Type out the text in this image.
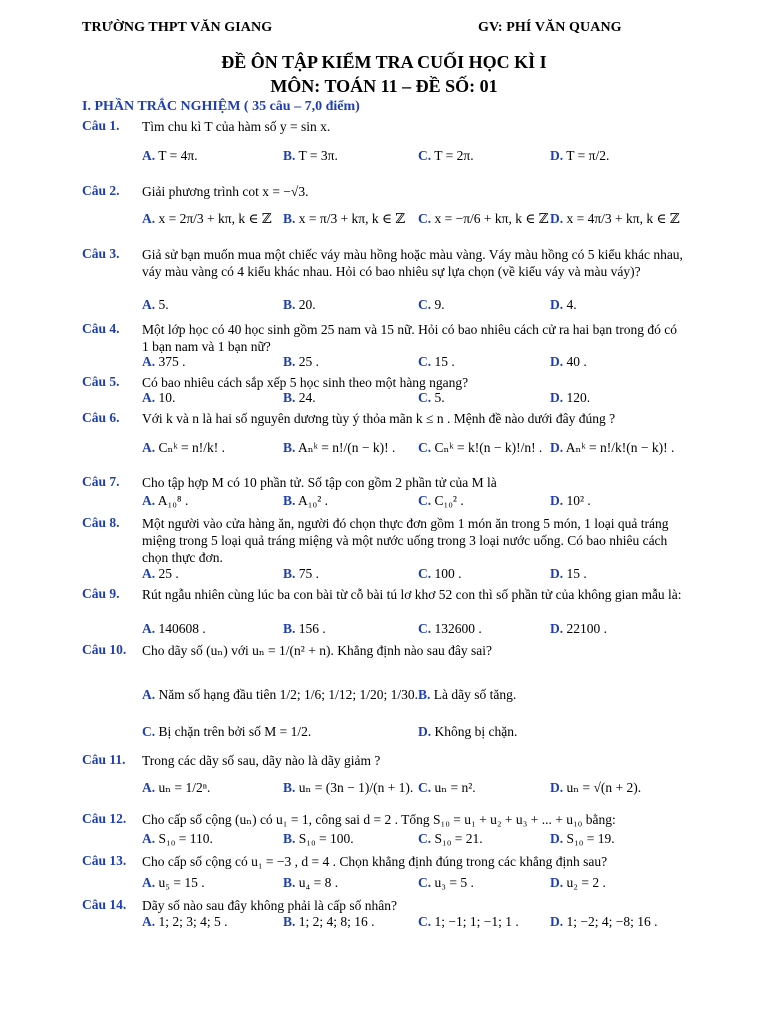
TRƯỜNG THPT VĂN GIANG	GV: PHÍ VĂN QUANG
ĐỀ ÔN TẬP KIỂM TRA CUỐI HỌC KÌ I
MÔN: TOÁN 11 – ĐỀ SỐ: 01
I. PHẦN TRẮC NGHIỆM ( 35 câu – 7,0 điểm)
Câu 1. Tìm chu kì T của hàm số y = sin x.
A. T = 4π.	B. T = 3π.	C. T = 2π.	D. T = π/2.
Câu 2. Giải phương trình cot x = −√3.
A. x = 2π/3 + kπ, k ∈ ℤ B. x = π/3 + kπ, k ∈ ℤ C. x = −π/6 + kπ, k ∈ ℤ D. x = 4π/3 + kπ, k ∈ ℤ
Câu 3. Giả sử bạn muốn mua một chiếc váy màu hồng hoặc màu vàng. Váy màu hồng có 5 kiểu khác nhau, váy màu vàng có 4 kiểu khác nhau. Hỏi có bao nhiêu sự lựa chọn (về kiểu váy và màu váy)?
A. 5.	B. 20.	C. 9.	D. 4.
Câu 4. Một lớp học có 40 học sinh gồm 25 nam và 15 nữ. Hỏi có bao nhiêu cách cử ra hai bạn trong đó có 1 bạn nam và 1 bạn nữ?
A. 375 .	B. 25 .	C. 15 .	D. 40 .
Câu 5. Có bao nhiêu cách sắp xếp 5 học sinh theo một hàng ngang?
A. 10.	B. 24.	C. 5.	D. 120.
Câu 6. Với k và n là hai số nguyên dương tùy ý thỏa mãn k ≤ n . Mệnh đề nào dưới đây đúng ?
A. Cₙᵏ = n!/k! .	B. Aₙᵏ = n!/(n − k)! . C. Cₙᵏ = k!(n − k)!/n! . D. Aₙᵏ = n!/k!(n − k)! .
Câu 7. Cho tập hợp M có 10 phần tử. Số tập con gồm 2 phần tử của M là
A. A₁₀⁸ .	B. A₁₀² .	C. C₁₀² .	D. 10² .
Câu 8. Một người vào cửa hàng ăn, người đó chọn thực đơn gồm 1 món ăn trong 5 món, 1 loại quả tráng miệng trong 5 loại quả tráng miệng và một nước uống trong 3 loại nước uống. Có bao nhiêu cách chọn thực đơn.
A. 25 .	B. 75 .	C. 100 .	D. 15 .
Câu 9. Rút ngẫu nhiên cùng lúc ba con bài từ cỗ bài tú lơ khơ 52 con thì số phần tử của không gian mẫu là:
A. 140608 .	B. 156 .	C. 132600 .	D. 22100 .
Câu 10. Cho dãy số (uₙ) với uₙ = 1/(n² + n). Khẳng định nào sau đây sai?
A. Năm số hạng đầu tiên 1/2; 1/6; 1/12; 1/20; 1/30. B. Là dãy số tăng.
C. Bị chặn trên bởi số M = 1/2.	D. Không bị chặn.
Câu 11. Trong các dãy số sau, dãy nào là dãy giảm ?
A. uₙ = 1/2ⁿ.	B. uₙ = (3n − 1)/(n + 1). C. uₙ = n².	D. uₙ = √(n + 2).
Câu 12. Cho cấp số cộng (uₙ) có u₁ = 1, công sai d = 2 . Tổng S₁₀ = u₁ + u₂ + u₃ + ... + u₁₀ bằng:
A. S₁₀ = 110.	B. S₁₀ = 100.	C. S₁₀ = 21.	D. S₁₀ = 19.
Câu 13. Cho cấp số cộng có u₁ = −3 , d = 4 . Chọn khẳng định đúng trong các khẳng định sau?
A. u₅ = 15 .	B. u₄ = 8 .	C. u₃ = 5 .	D. u₂ = 2 .
Câu 14. Dãy số nào sau đây không phải là cấp số nhân?
A. 1; 2; 3; 4; 5 .	B. 1; 2; 4; 8; 16 .	C. 1; −1; 1; −1; 1 . D. 1; −2; 4; −8; 16 .
